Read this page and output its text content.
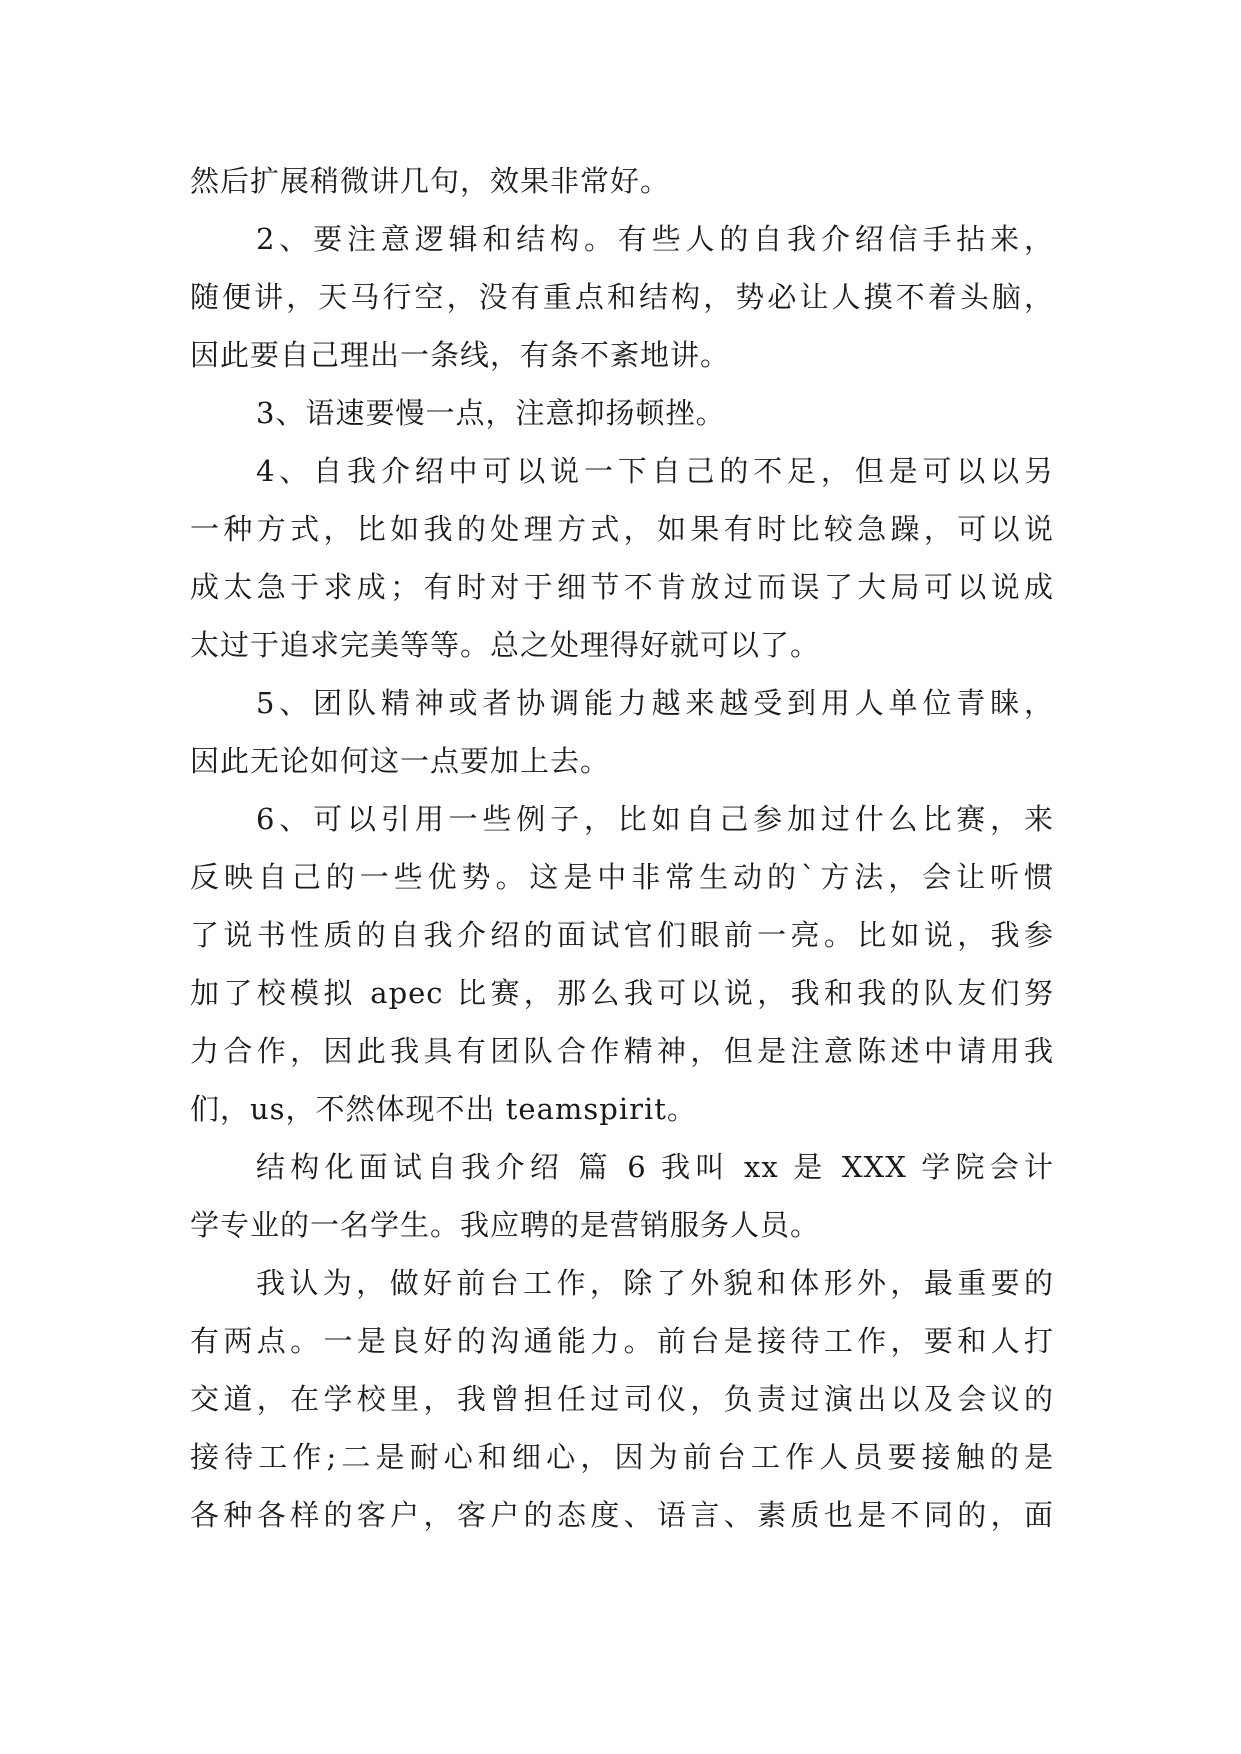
然后扩展稍微讲几句，效果非常好。
2、要注意逻辑和结构。有些人的自我介绍信手拈来，
随便讲，天马行空，没有重点和结构，势必让人摸不着头脑，
因此要自己理出一条线，有条不紊地讲。
3、语速要慢一点，注意抑扬顿挫。
4、自我介绍中可以说一下自己的不足，但是可以以另
一种方式，比如我的处理方式，如果有时比较急躁，可以说
成太急于求成；有时对于细节不肯放过而误了大局可以说成
太过于追求完美等等。总之处理得好就可以了。
5、团队精神或者协调能力越来越受到用人单位青睐，
因此无论如何这一点要加上去。
6、可以引用一些例子，比如自己参加过什么比赛，来
反映自己的一些优势。这是中非常生动的`方法，会让听惯
了说书性质的自我介绍的面试官们眼前一亮。比如说，我参
加了校模拟 apec 比赛，那么我可以说，我和我的队友们努
力合作，因此我具有团队合作精神，但是注意陈述中请用我
们，us，不然体现不出 teamspirit。
结构化面试自我介绍 篇 6 我叫 xx 是 XXX 学院会计
学专业的一名学生。我应聘的是营销服务人员。
我认为，做好前台工作，除了外貌和体形外，最重要的
有两点。一是良好的沟通能力。前台是接待工作，要和人打
交道，在学校里，我曾担任过司仪，负责过演出以及会议的
接待工作;二是耐心和细心，因为前台工作人员要接触的是
各种各样的客户，客户的态度、语言、素质也是不同的，面
